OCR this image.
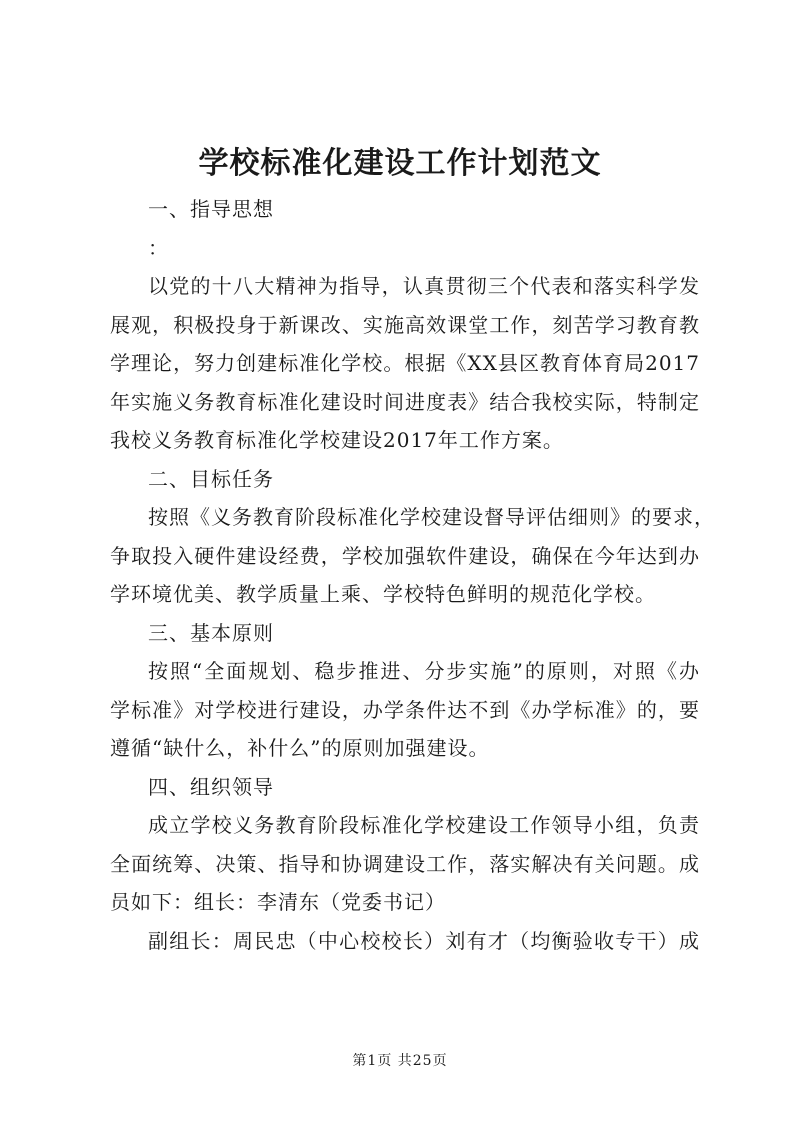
学校标准化建设工作计划范文
一、指导思想
：
以党的十八大精神为指导，认真贯彻三个代表和落实科学发
展观，积极投身于新课改、实施高效课堂工作，刻苦学习教育教
学理论，努力创建标准化学校。根据《XX县区教育体育局2017
年实施义务教育标准化建设时间进度表》结合我校实际，特制定
我校义务教育标准化学校建设2017年工作方案。
二、目标任务
按照《义务教育阶段标准化学校建设督导评估细则》的要求，
争取投入硬件建设经费，学校加强软件建设，确保在今年达到办
学环境优美、教学质量上乘、学校特色鲜明的规范化学校。
三、基本原则
按照“全面规划、稳步推进、分步实施”的原则，对照《办
学标准》对学校进行建设，办学条件达不到《办学标准》的，要
遵循“缺什么，补什么”的原则加强建设。
四、组织领导
成立学校义务教育阶段标准化学校建设工作领导小组，负责
全面统筹、决策、指导和协调建设工作，落实解决有关问题。成
员如下：组长：李清东（党委书记）
副组长：周民忠（中心校校长）刘有才（均衡验收专干）成
第1页 共25页
